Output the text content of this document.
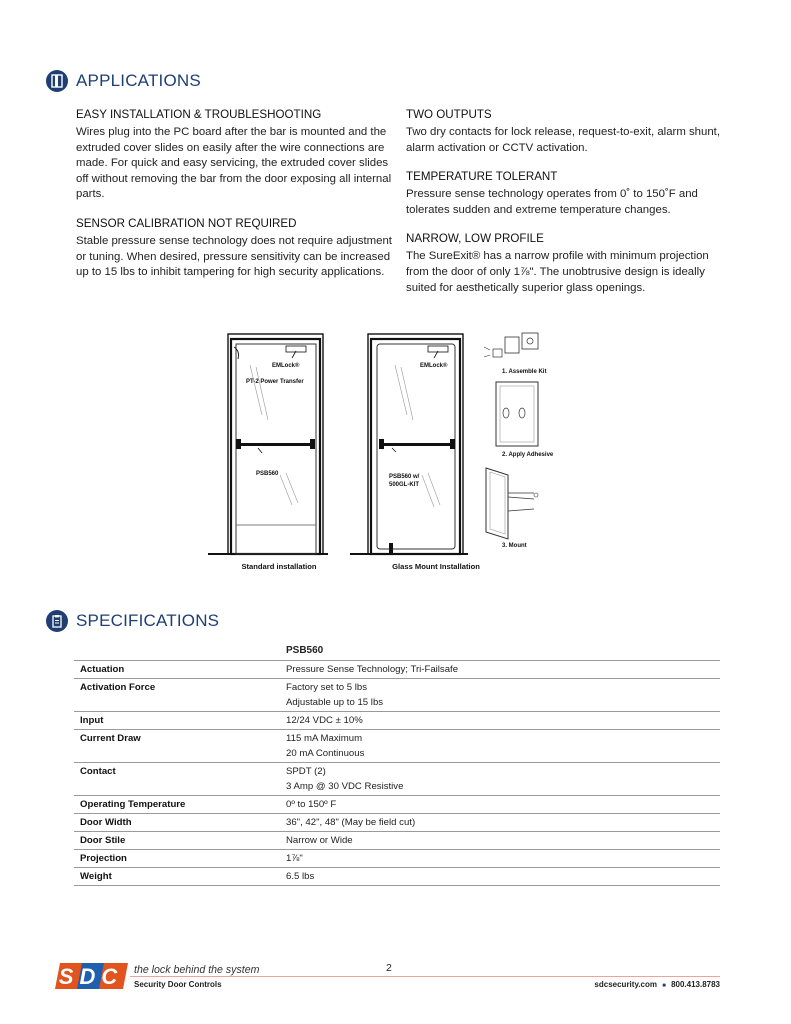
APPLICATIONS

EASY INSTALLATION & TROUBLESHOOTING

Wires plug into the PC board after the bar is mounted and the extruded cover slides on easily after the wire connections are made. For quick and easy servicing, the extruded cover slides off without removing the bar from the door exposing all internal parts.

SENSOR CALIBRATION NOT REQUIRED

Stable pressure sense technology does not require adjustment or tuning. When desired, pressure sensitivity can be increased up to 15 lbs to inhibit tampering for high security applications.

TWO OUTPUTS

Two dry contacts for lock release, request-to-exit, alarm shunt, alarm activation or CCTV activation.

TEMPERATURE TOLERANT

Pressure sense technology operates from 0˚ to 150˚F and tolerates sudden and extreme temperature changes.

NARROW, LOW PROFILE

The SureExit® has a narrow profile with minimum projection from the door of only 1⅞". The unobtrusive design is ideally suited for aesthetically superior glass openings.

EMLock®
PT-2 Power Transfer
PSB560
Standard installation
EMLock®
PSB560 w/
500GL-KIT
Glass Mount Installation
1. Assemble Kit
2. Apply Adhesive
3. Mount
SPECIFICATIONS
	PSB560
Actuation	Pressure Sense Technology; Tri-Failsafe

Activation Force	Factory set to 5 lbs
Adjustable up to 15 lbs

Input	12/24 VDC ± 10%

Current Draw	115 mA Maximum
20 mA Continuous

Contact	SPDT (2)
3 Amp @ 30 VDC Resistive

Operating Temperature	0º to 150º F

Door Width	36", 42", 48" (May be field cut)

Door Stile	Narrow or Wide

Projection	1⅞"

Weight	6.5 lbs
SDC the lock behind the system
Security Door Controls
2
sdcsecurity.com ■ 800.413.8783
